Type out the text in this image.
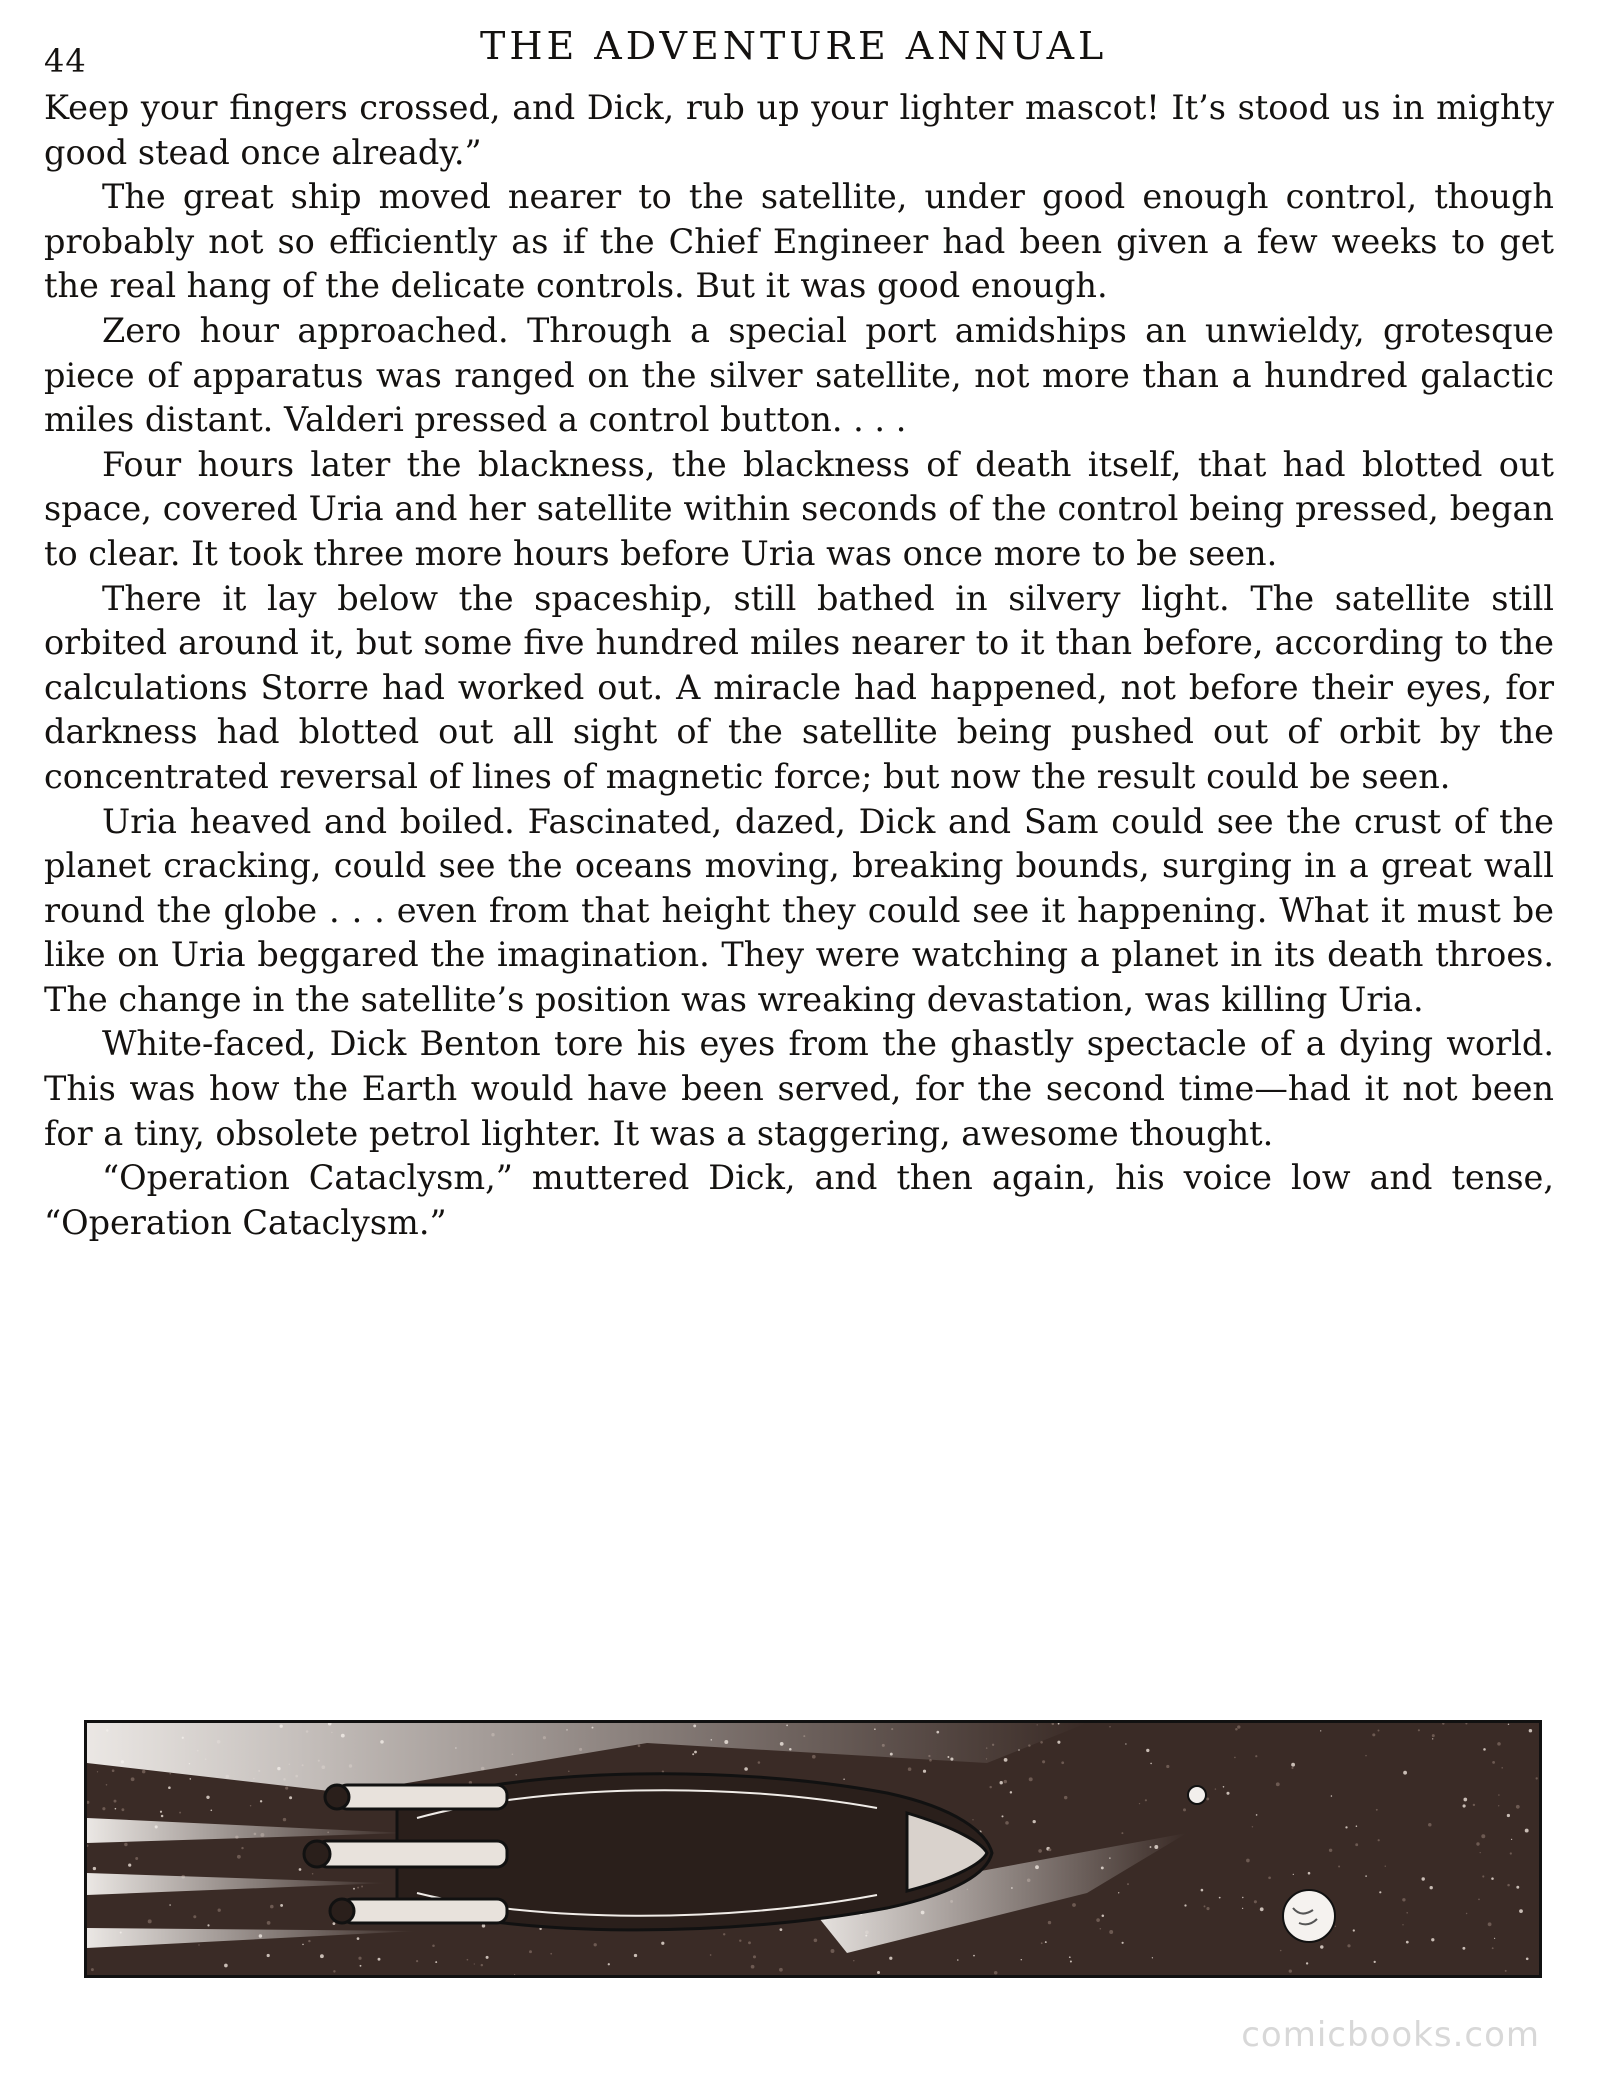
44	THE ADVENTURE ANNUAL

Keep your fingers crossed, and Dick, rub up your lighter mascot! It’s stood us in mighty good stead once already.”

The great ship moved nearer to the satellite, under good enough control, though probably not so efficiently as if the Chief Engineer had been given a few weeks to get the real hang of the delicate controls. But it was good enough.

Zero hour approached. Through a special port amidships an unwieldy, grotesque piece of apparatus was ranged on the silver satellite, not more than a hundred galactic miles distant. Valderi pressed a control button. . . .

Four hours later the blackness, the blackness of death itself, that had blotted out space, covered Uria and her satellite within seconds of the control being pressed, began to clear. It took three more hours before Uria was once more to be seen.

There it lay below the spaceship, still bathed in silvery light. The satellite still orbited around it, but some five hundred miles nearer to it than before, according to the calculations Storre had worked out. A miracle had happened, not before their eyes, for darkness had blotted out all sight of the satellite being pushed out of orbit by the concentrated reversal of lines of magnetic force; but now the result could be seen.

Uria heaved and boiled. Fascinated, dazed, Dick and Sam could see the crust of the planet cracking, could see the oceans moving, breaking bounds, surging in a great wall round the globe . . . even from that height they could see it happening. What it must be like on Uria beggared the imagination. They were watching a planet in its death throes. The change in the satellite’s position was wreaking devastation, was killing Uria.

White-faced, Dick Benton tore his eyes from the ghastly spectacle of a dying world. This was how the Earth would have been served, for the second time—had it not been for a tiny, obsolete petrol lighter. It was a staggering, awesome thought.

“Operation Cataclysm,” muttered Dick, and then again, his voice low and tense, “Operation Cataclysm.”

comicbooks.com
